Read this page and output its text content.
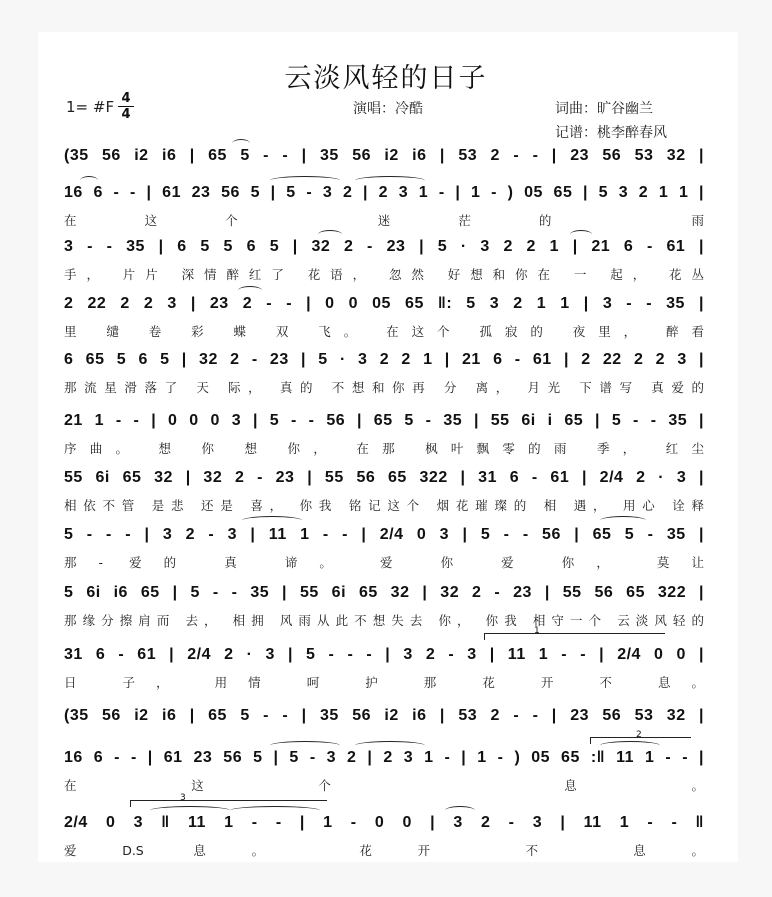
云淡风轻的日子
1= #F 4
4	演唱：冷酷	词曲：旷谷幽兰
记谱：桃李醉春风
(35 56 i2 i6 | 65 5 - - | 35 56 i2 i6 | 53 2 - - | 23 56 53 32 |
16 6 - - | 61 23 56 5 | 5 - 3 2 | 2 3 1 - | 1 - ) 05 65 | 5 3 2 1 1 |
在这个 迷茫的 雨
3 - - 35 | 6 5 5 6 5 | 32 2 - 23 | 5 · 3 2 2 1 | 21 6 - 61 |
手， 片片 深情醉红了 花语， 忽然 好想和你在 一 起， 花丛
2 22 2 2 3 | 23 2 - - | 0 0 05 65 ‖: 5 3 2 1 1 | 3 - - 35 |
里 缱 卷 彩 蝶 双 飞。 在这个 孤寂的 夜里， 醉看
6 65 5 6 5 | 32 2 - 23 | 5 · 3 2 2 1 | 21 6 - 61 | 2 22 2 2 3 |
那流星滑落了 天 际， 真的 不想和你再 分 离， 月光 下谱写 真爱的
21 1 - - | 0 0 0 3 | 5 - - 56 | 65 5 - 35 | 55 6i i 65 | 5 - - 35 |
序曲。 想 你 想 你， 在那 枫叶飘零的雨 季， 红尘
55 6i 65 32 | 32 2 - 23 | 55 56 65 322 | 31 6 - 61 | 2/4 2 · 3 |
相依不管 是悲 还是 喜， 你我 铭记这个 烟花璀璨的 相 遇， 用心 诠释
5 - - - | 3 2 - 3 | 11 1 - - | 2/4 0 3 | 5 - - 56 | 65 5 - 35 |
那- 爱的 真 谛。 爱 你 爱 你， 莫让
5 6i i6 65 | 5 - - 35 | 55 6i 65 32 | 32 2 - 23 | 55 56 65 322 |
那缘分擦肩而 去， 相拥 风雨从此不想失去 你， 你我 相守一个 云淡风轻的
31 6 - 61 | 2/4 2 · 3 | 5 - - - | 3 2 - 3 | 11 1 - - | 2/4 0 0 |
日 子， 用情 呵 护 那 花 开 不 息。
(35 56 i2 i6 | 65 5 - - | 35 56 i2 i6 | 53 2 - - | 23 56 53 32 |
16 6 - - | 61 23 56 5 | 5 - 3 2 | 2 3 1 - | 1 - ) 05 65 :‖ 11 1 - - |
在这个 息。
2/4 0 3 ‖ 11 1 - - | 1 - 0 0 | 3 2 - 3 | 11 1 - - ‖
爱D.S 息。 花开 不 息。
1
2
3
